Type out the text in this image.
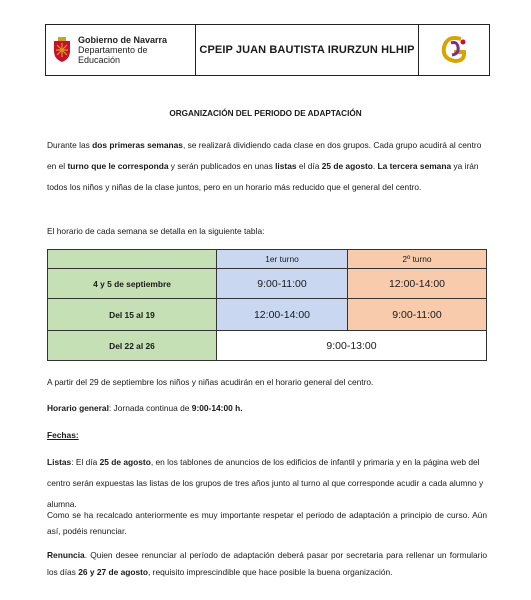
Gobierno de Navarra
Departamento de
Educación
CPEIP JUAN BAUTISTA IRURZUN HLHIP
ORGANIZACIÓN DEL PERIODO DE ADAPTACIÓN
Durante las dos primeras semanas, se realizará dividiendo cada clase en dos grupos. Cada grupo acudirá al centro en el turno que le corresponda y serán publicados en unas listas el día 25 de agosto. La tercera semana ya irán todos los niños y niñas de la clase juntos, pero en un horario más reducido que el general del centro.
El horario de cada semana se detalla en la siguiente tabla:
	1er turno	2º turno
4 y 5 de septiembre	9:00-11:00	12:00-14:00
Del 15 al 19	12:00-14:00	9:00-11:00
Del 22 al 26	9:00-13:00	
A partir del 29 de septiembre los niños y niñas acudirán en el horario general del centro.
Horario general: Jornada continua de 9:00-14:00 h.
Fechas:
Listas: El día 25 de agosto, en los tablones de anuncios de los edificios de infantil y primaria y en la página web del centro serán expuestas las listas de los grupos de tres años junto al turno al que corresponde acudir a cada alumno y alumna.
Como se ha recalcado anteriormente es muy importante respetar el periodo de adaptación a principio de curso. Aún así, podéis renunciar.
Renuncia. Quien desee renunciar al período de adaptación deberá pasar por secretaria para rellenar un formulario los días 26 y 27 de agosto, requisito imprescindible que hace posible la buena organización.
